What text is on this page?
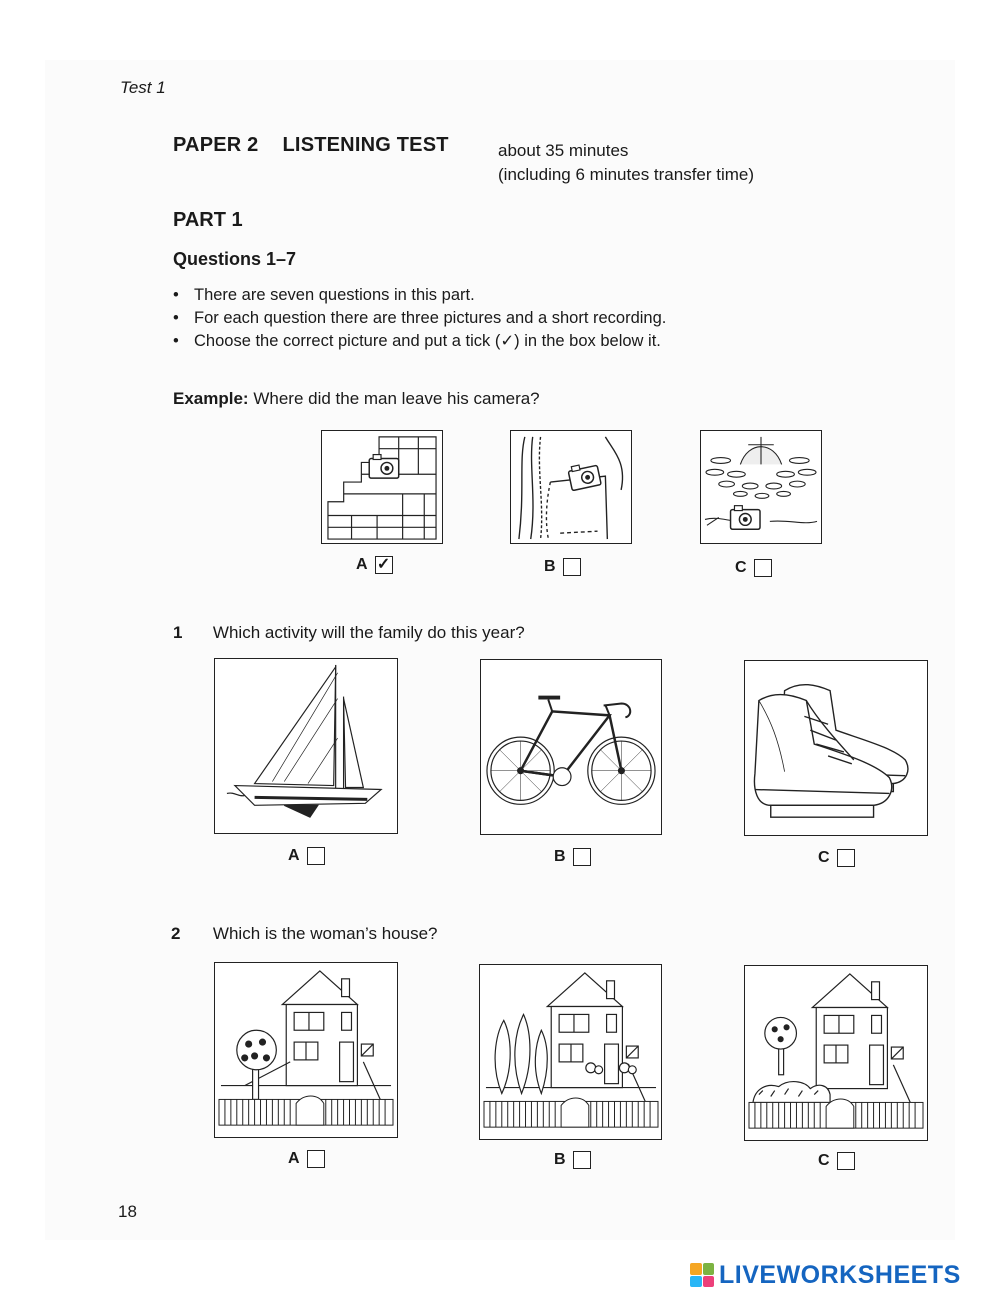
Test 1
PAPER 2 LISTENING TEST	about 35 minutes
(including 6 minutes transfer time)
PART 1
Questions 1–7
• There are seven questions in this part.
• For each question there are three pictures and a short recording.
• Choose the correct picture and put a tick (✓) in the box below it.
Example: Where did the man leave his camera?
A ✓	B	C
1 Which activity will the family do this year?
A	B	C
2 Which is the woman’s house?
A	B	C
18
LIVEWORKSHEETS
